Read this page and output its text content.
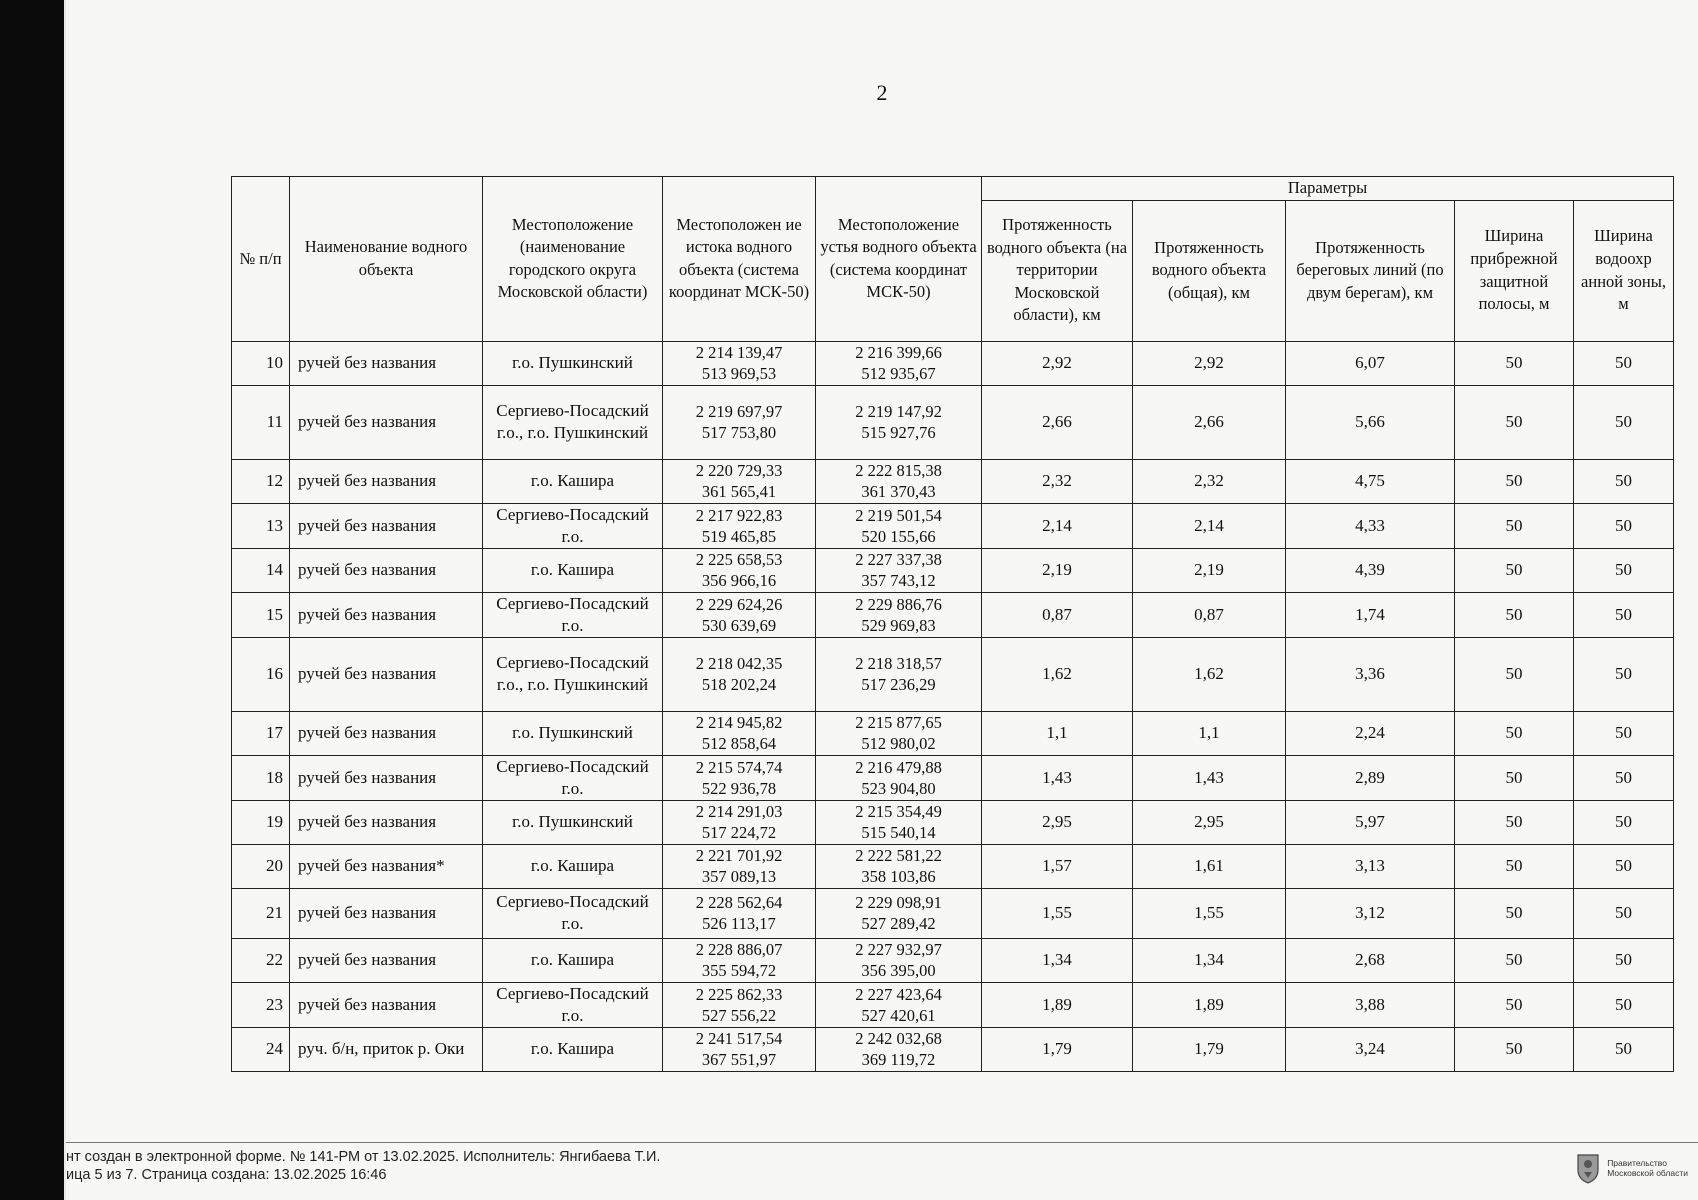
2
№ п/п	Наименование водного объекта	Местоположение (наименование городского округа Московской области)	Местоположен ие истока водного объекта (система координат МСК-50)	Местоположение устья водного объекта (система координат МСК-50)	Параметры				
					Протяженность водного объекта (на территории Московской области), км	Протяженность водного объекта (общая), км	Протяженность береговых линий (по двум берегам), км	Ширина прибрежной защитной полосы, м	Ширина водоохр анной зоны, м
10	ручей без названия	г.о. Пушкинский	2 214 139,47
513 969,53	2 216 399,66
512 935,67	2,92	2,92	6,07	50	50
11	ручей без названия	Сергиево-Посадский г.о., г.о. Пушкинский	2 219 697,97
517 753,80	2 219 147,92
515 927,76	2,66	2,66	5,66	50	50
12	ручей без названия	г.о. Кашира	2 220 729,33
361 565,41	2 222 815,38
361 370,43	2,32	2,32	4,75	50	50
13	ручей без названия	Сергиево-Посадский г.о.	2 217 922,83
519 465,85	2 219 501,54
520 155,66	2,14	2,14	4,33	50	50
14	ручей без названия	г.о. Кашира	2 225 658,53
356 966,16	2 227 337,38
357 743,12	2,19	2,19	4,39	50	50
15	ручей без названия	Сергиево-Посадский г.о.	2 229 624,26
530 639,69	2 229 886,76
529 969,83	0,87	0,87	1,74	50	50
16	ручей без названия	Сергиево-Посадский г.о., г.о. Пушкинский	2 218 042,35
518 202,24	2 218 318,57
517 236,29	1,62	1,62	3,36	50	50
17	ручей без названия	г.о. Пушкинский	2 214 945,82
512 858,64	2 215 877,65
512 980,02	1,1	1,1	2,24	50	50
18	ручей без названия	Сергиево-Посадский г.о.	2 215 574,74
522 936,78	2 216 479,88
523 904,80	1,43	1,43	2,89	50	50
19	ручей без названия	г.о. Пушкинский	2 214 291,03
517 224,72	2 215 354,49
515 540,14	2,95	2,95	5,97	50	50
20	ручей без названия*	г.о. Кашира	2 221 701,92
357 089,13	2 222 581,22
358 103,86	1,57	1,61	3,13	50	50
21	ручей без названия	Сергиево-Посадский г.о.	2 228 562,64
526 113,17	2 229 098,91
527 289,42	1,55	1,55	3,12	50	50
22	ручей без названия	г.о. Кашира	2 228 886,07
355 594,72	2 227 932,97
356 395,00	1,34	1,34	2,68	50	50
23	ручей без названия	Сергиево-Посадский г.о.	2 225 862,33
527 556,22	2 227 423,64
527 420,61	1,89	1,89	3,88	50	50
24	руч. б/н, приток р. Оки	г.о. Кашира	2 241 517,54
367 551,97	2 242 032,68
369 119,72	1,79	1,79	3,24	50	50
нт создан в электронной форме. № 141-РМ от 13.02.2025. Исполнитель: Янгибаева Т.И.
ица 5 из 7. Страница создана: 13.02.2025 16:46
Правительство
Московской области
